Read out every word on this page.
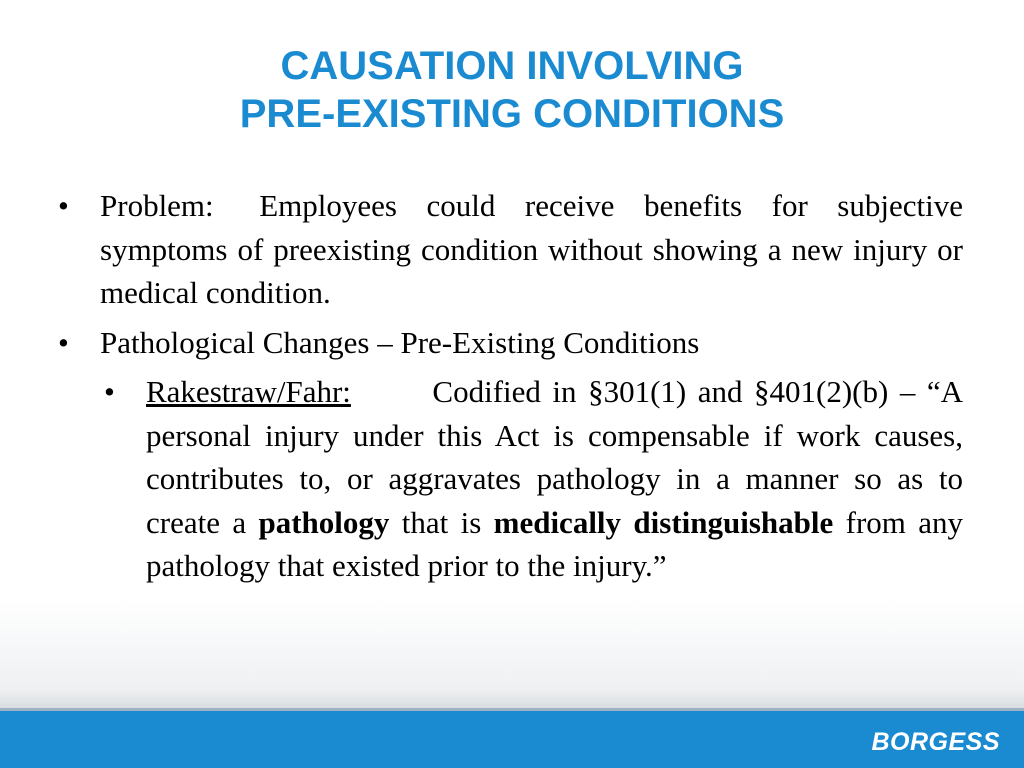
CAUSATION INVOLVING
PRE-EXISTING CONDITIONS
• Problem: Employees could receive benefits for subjective symptoms of preexisting condition without showing a new injury or medical condition.
• Pathological Changes – Pre-Existing Conditions
• Rakestraw/Fahr:	Codified in §301(1) and §401(2)(b) – “A personal injury under this Act is compensable if work causes, contributes to, or aggravates pathology in a manner so as to create a pathology that is medically distinguishable from any pathology that existed prior to the injury.”
BORGESS
